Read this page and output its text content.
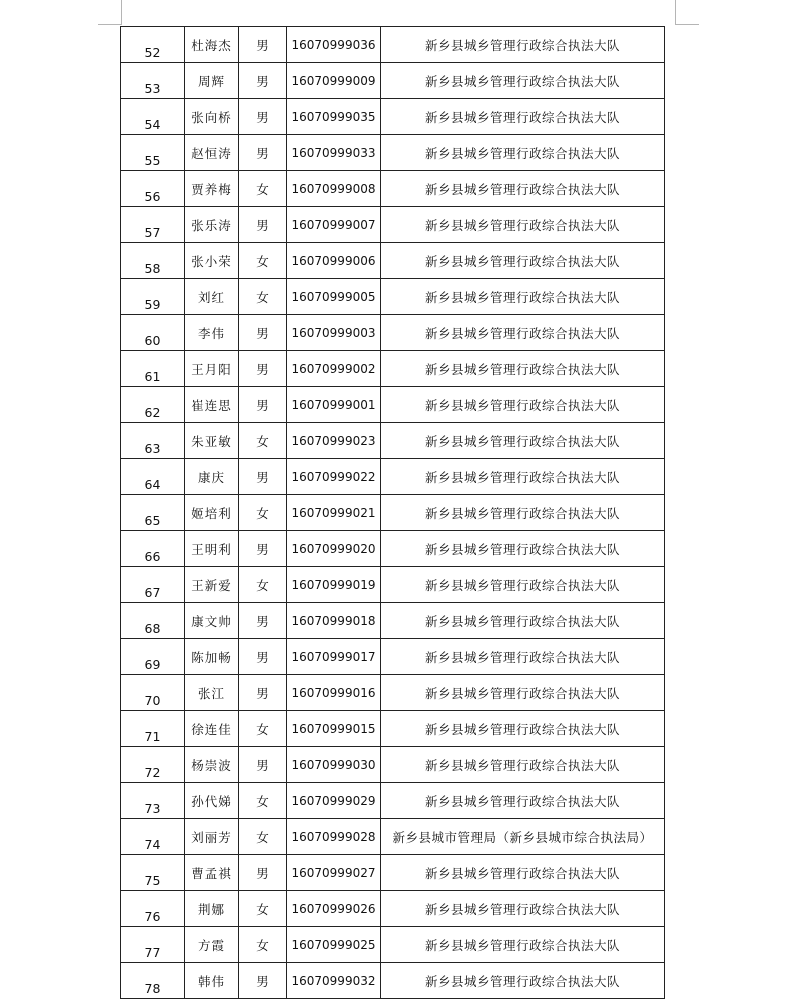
52	杜海杰	男	16070999036	新乡县城乡管理行政综合执法大队
53	周辉	男	16070999009	新乡县城乡管理行政综合执法大队
54	张向桥	男	16070999035	新乡县城乡管理行政综合执法大队
55	赵恒涛	男	16070999033	新乡县城乡管理行政综合执法大队
56	贾养梅	女	16070999008	新乡县城乡管理行政综合执法大队
57	张乐涛	男	16070999007	新乡县城乡管理行政综合执法大队
58	张小荣	女	16070999006	新乡县城乡管理行政综合执法大队
59	刘红	女	16070999005	新乡县城乡管理行政综合执法大队
60	李伟	男	16070999003	新乡县城乡管理行政综合执法大队
61	王月阳	男	16070999002	新乡县城乡管理行政综合执法大队
62	崔连思	男	16070999001	新乡县城乡管理行政综合执法大队
63	朱亚敏	女	16070999023	新乡县城乡管理行政综合执法大队
64	康庆	男	16070999022	新乡县城乡管理行政综合执法大队
65	姬培利	女	16070999021	新乡县城乡管理行政综合执法大队
66	王明利	男	16070999020	新乡县城乡管理行政综合执法大队
67	王新爱	女	16070999019	新乡县城乡管理行政综合执法大队
68	康文帅	男	16070999018	新乡县城乡管理行政综合执法大队
69	陈加畅	男	16070999017	新乡县城乡管理行政综合执法大队
70	张江	男	16070999016	新乡县城乡管理行政综合执法大队
71	徐连佳	女	16070999015	新乡县城乡管理行政综合执法大队
72	杨崇波	男	16070999030	新乡县城乡管理行政综合执法大队
73	孙代娣	女	16070999029	新乡县城乡管理行政综合执法大队
74	刘丽芳	女	16070999028	新乡县城市管理局（新乡县城市综合执法局）
75	曹孟祺	男	16070999027	新乡县城乡管理行政综合执法大队
76	荆娜	女	16070999026	新乡县城乡管理行政综合执法大队
77	方霞	女	16070999025	新乡县城乡管理行政综合执法大队
78	韩伟	男	16070999032	新乡县城乡管理行政综合执法大队
